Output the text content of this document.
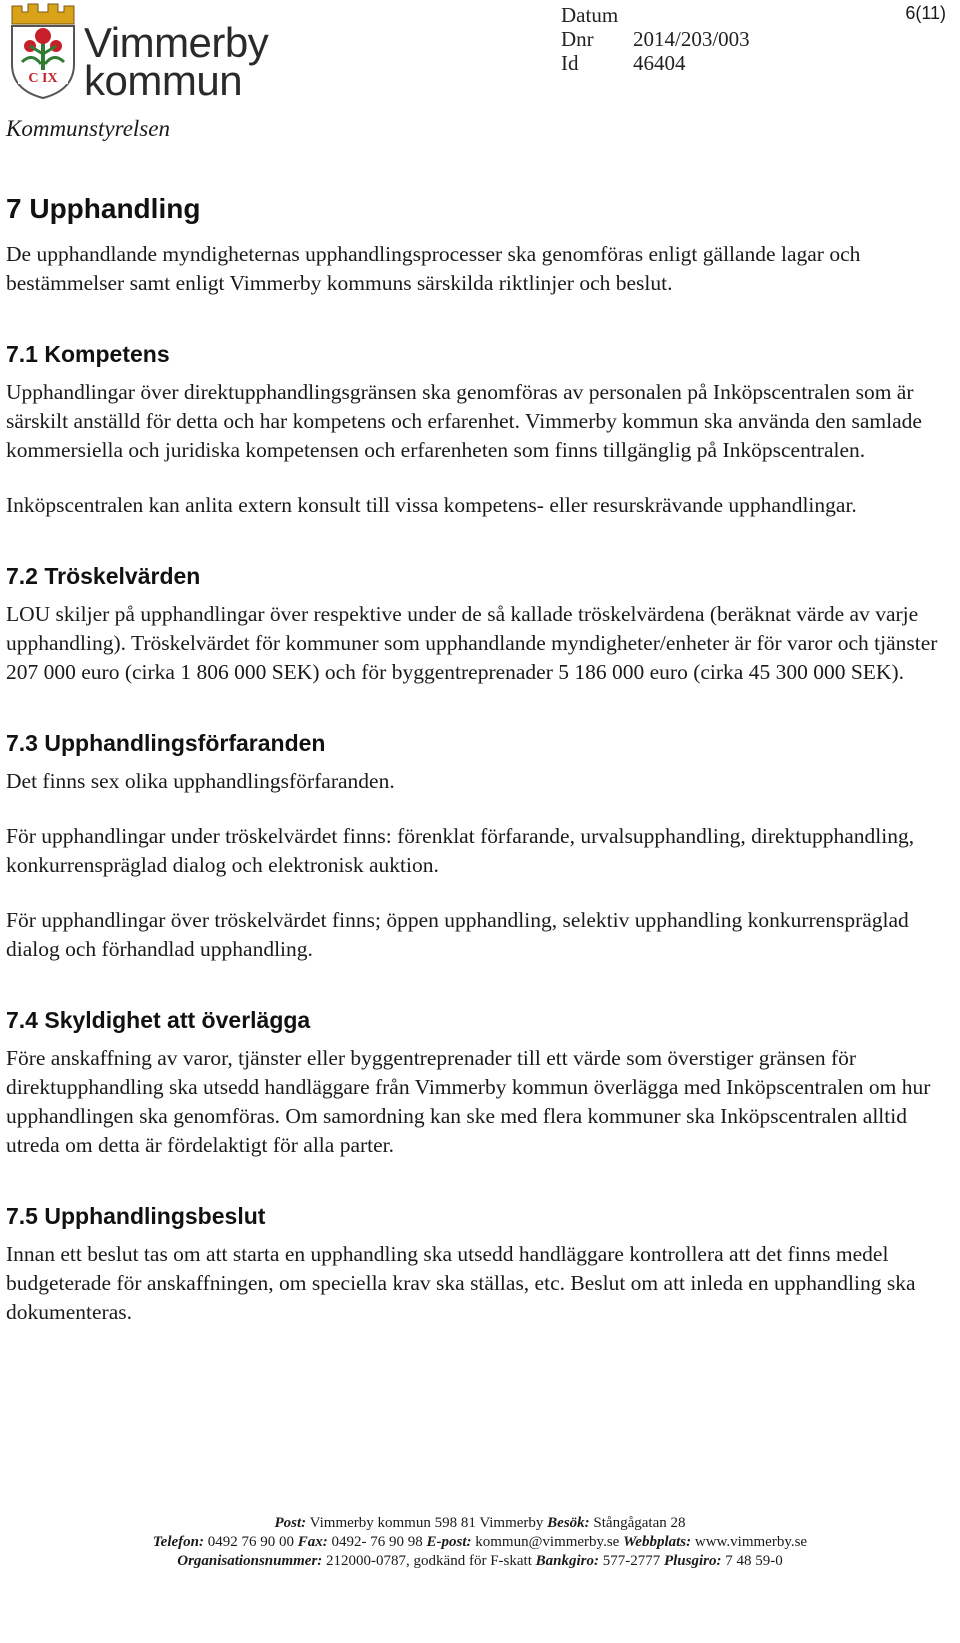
C IX
Vimmerby
kommun
Datum
Dnr 2014/203/003
Id	46404
6(11)
Kommunstyrelsen
7 Upphandling

De upphandlande myndigheternas upphandlingsprocesser ska genomföras enligt gällande lagar och bestämmelser samt enligt Vimmerby kommuns särskilda riktlinjer och beslut.

7.1 Kompetens

Upphandlingar över direktupphandlingsgränsen ska genomföras av personalen på Inköpscentralen som är särskilt anställd för detta och har kompetens och erfarenhet. Vimmerby kommun ska använda den samlade kommersiella och juridiska kompetensen och erfarenheten som finns tillgänglig på Inköpscentralen.

Inköpscentralen kan anlita extern konsult till vissa kompetens- eller resurskrävande upphandlingar.

7.2 Tröskelvärden

LOU skiljer på upphandlingar över respektive under de så kallade tröskelvärdena (beräknat värde av varje upphandling). Tröskelvärdet för kommuner som upphandlande myndigheter/enheter är för varor och tjänster 207 000 euro (cirka 1 806 000 SEK) och för byggentreprenader 5 186 000 euro (cirka 45 300 000 SEK).

7.3 Upphandlingsförfaranden

Det finns sex olika upphandlingsförfaranden.

För upphandlingar under tröskelvärdet finns: förenklat förfarande, urvalsupphandling, direktupphandling, konkurrenspräglad dialog och elektronisk auktion.

För upphandlingar över tröskelvärdet finns; öppen upphandling, selektiv upphandling konkurrenspräglad dialog och förhandlad upphandling.

7.4 Skyldighet att överlägga

Före anskaffning av varor, tjänster eller byggentreprenader till ett värde som överstiger gränsen för direktupphandling ska utsedd handläggare från Vimmerby kommun överlägga med Inköpscentralen om hur upphandlingen ska genomföras. Om samordning kan ske med flera kommuner ska Inköpscentralen alltid utreda om detta är fördelaktigt för alla parter.

7.5 Upphandlingsbeslut

Innan ett beslut tas om att starta en upphandling ska utsedd handläggare kontrollera att det finns medel budgeterade för anskaffningen, om speciella krav ska ställas, etc. Beslut om att inleda en upphandling ska dokumenteras.

Post: Vimmerby kommun 598 81 Vimmerby Besök: Stångågatan 28
Telefon: 0492 76 90 00 Fax: 0492- 76 90 98 E-post: kommun@vimmerby.se Webbplats: www.vimmerby.se
Organisationsnummer: 212000-0787, godkänd för F-skatt Bankgiro: 577-2777 Plusgiro: 7 48 59-0
